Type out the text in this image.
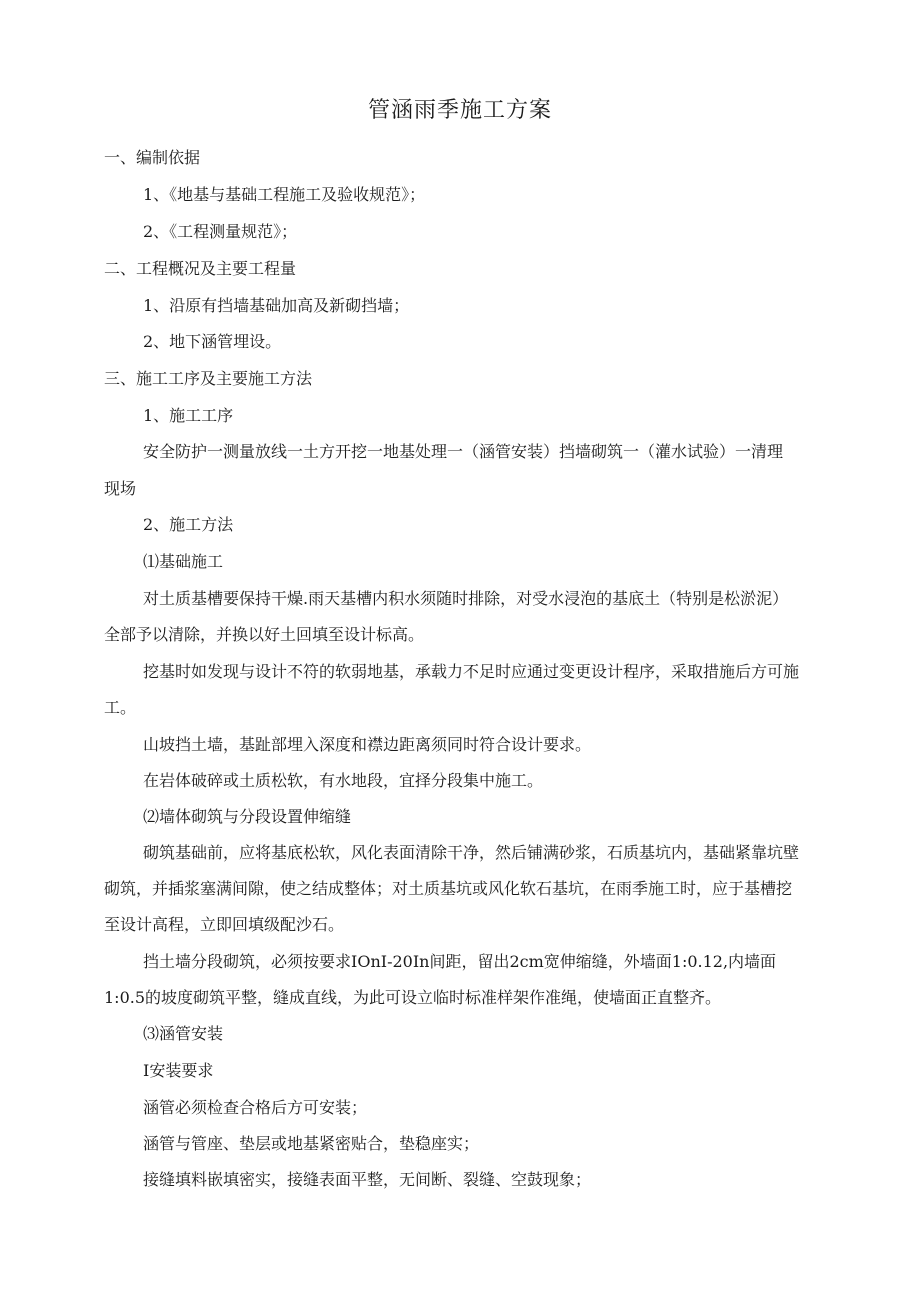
管涵雨季施工方案
一、编制依据
1、《地基与基础工程施工及验收规范》；
2、《工程测量规范》；
二、工程概况及主要工程量
1、沿原有挡墙基础加高及新砌挡墙；
2、地下涵管埋设。
三、施工工序及主要施工方法
1、施工工序
安全防护一测量放线一土方开挖一地基处理一（涵管安装）挡墙砌筑一（灌水试验）一清理
现场
2、施工方法
⑴基础施工
对土质基槽要保持干燥.雨天基槽内积水须随时排除，对受水浸泡的基底土（特别是松淤泥）
全部予以清除，并换以好土回填至设计标高。
挖基时如发现与设计不符的软弱地基，承载力不足时应通过变更设计程序，采取措施后方可施
工。
山坡挡土墙，基趾部埋入深度和襟边距离须同时符合设计要求。
在岩体破碎或土质松软，有水地段，宜择分段集中施工。
⑵墙体砌筑与分段设置伸缩缝
砌筑基础前，应将基底松软，风化表面清除干净，然后铺满砂浆，石质基坑内，基础紧靠坑壁
砌筑，并插浆塞满间隙，使之结成整体；对土质基坑或风化软石基坑，在雨季施工时，应于基槽挖
至设计高程，立即回填级配沙石。
挡土墙分段砌筑，必须按要求IOnI-20In间距，留出2cm宽伸缩缝，外墙面1:0.12,内墙面
1:0.5的坡度砌筑平整，缝成直线，为此可设立临时标准样架作准绳，使墙面正直整齐。
⑶涵管安装
Ⅰ安装要求
涵管必须检查合格后方可安装；
涵管与管座、垫层或地基紧密贴合，垫稳座实；
接缝填料嵌填密实，接缝表面平整，无间断、裂缝、空鼓现象；
